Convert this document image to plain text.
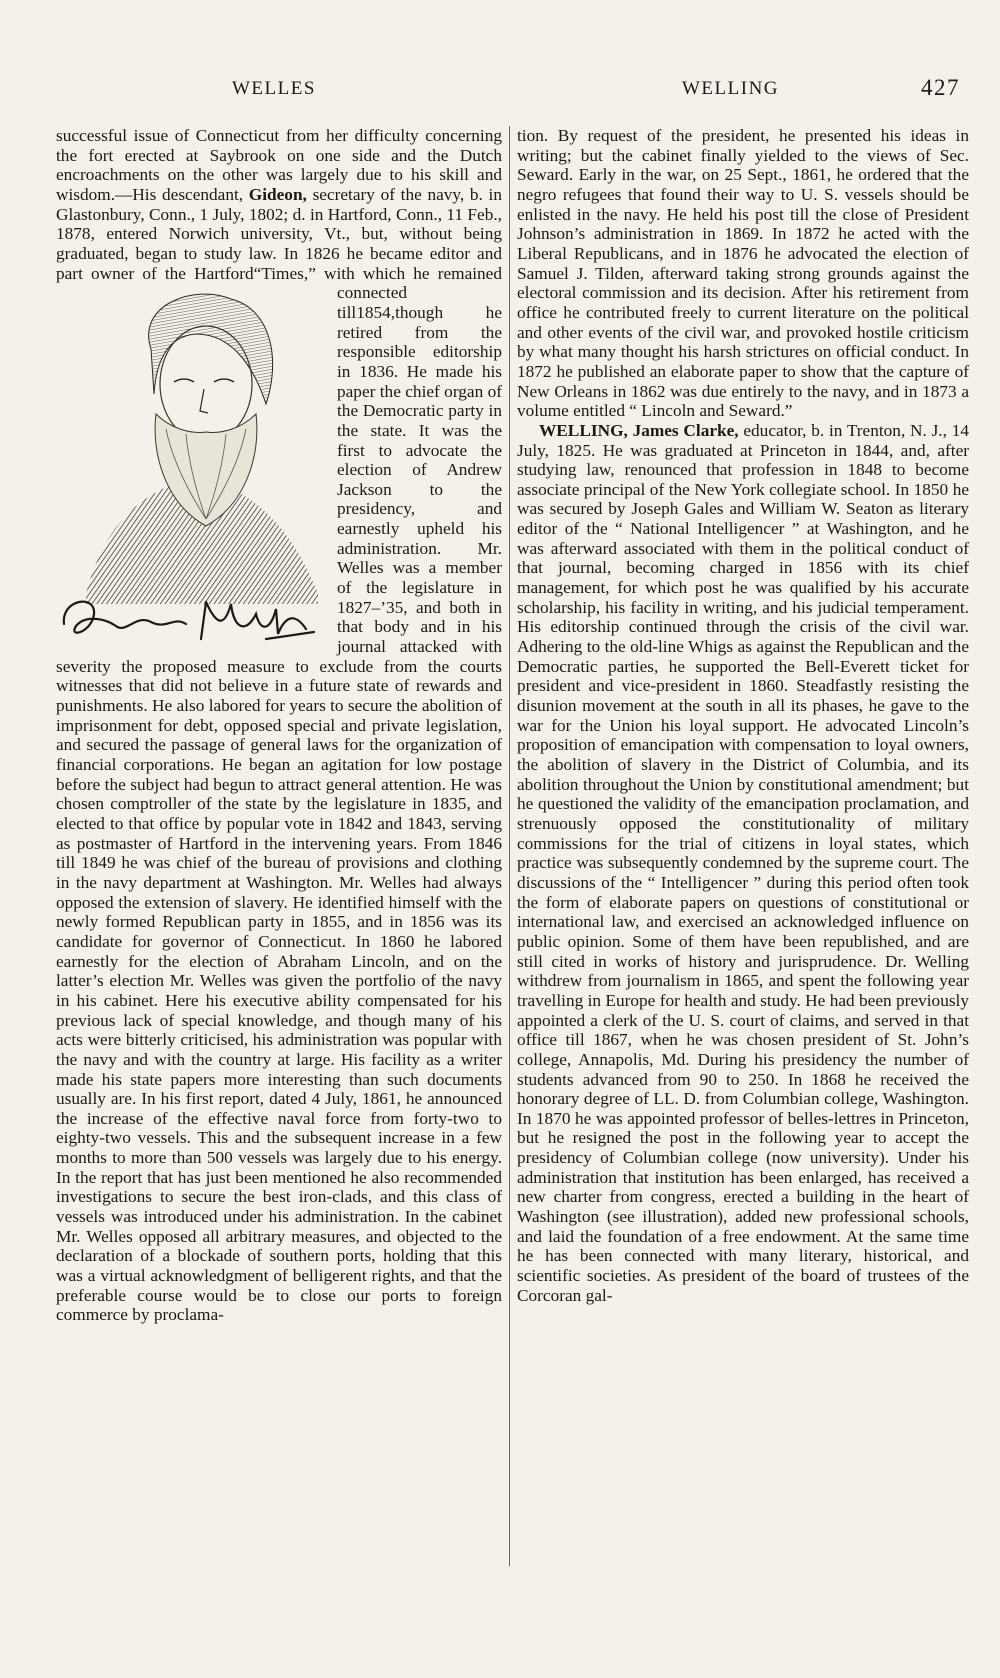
WELLES	WELLING	427

successful issue of Connecticut from her difficulty concerning the fort erected at Saybrook on one side and the Dutch encroachments on the other was largely due to his skill and wisdom.—His descendant, Gideon, secretary of the navy, b. in Glastonbury, Conn., 1 July, 1802; d. in Hartford, Conn., 11 Feb., 1878, entered Norwich university, Vt., but, without being graduated, began to study law. In 1826 he became editor and part owner of the
Hartford“Times,” with which he remained connected till1854,though he retired from the responsible editorship in 1836. He made his paper the chief organ of the Democratic party in the state. It was the first to advocate the election of Andrew Jackson to the presidency, and earnestly upheld his administration. Mr. Welles was a member of the legislature in 1827–’35, and both in that body and in his journal attacked with severity the proposed measure to exclude from the courts witnesses that did not believe in a future state of rewards and punishments. He also labored for years to secure the abolition of imprisonment for debt, opposed special and private legislation, and secured the passage of general laws for the organization of financial corporations. He began an agitation for low postage before the subject had begun to attract general attention. He was chosen comptroller of the state by the legislature in 1835, and elected to that office by popular vote in 1842 and 1843, serving as postmaster of Hartford in the intervening years. From 1846 till 1849 he was chief of the bureau of provisions and clothing in the navy department at Washington. Mr. Welles had always opposed the extension of slavery. He identified himself with the newly formed Republican party in 1855, and in 1856 was its candidate for governor of Connecticut. In 1860 he labored earnestly for the election of Abraham Lincoln, and on the latter’s election Mr. Welles was given the portfolio of the navy in his cabinet. Here his executive ability compensated for his previous lack of special knowledge, and though many of his acts were bitterly criticised, his administration was popular with the navy and with the country at large. His facility as a writer made his state papers more interesting than such documents usually are. In his first report, dated 4 July, 1861, he announced the increase of the effective naval force from forty-two to eighty-two vessels. This and the subsequent increase in a few months to more than 500 vessels was largely due to his energy. In the report that has just been mentioned he also recommended investigations to secure the best iron-clads, and this class of vessels was introduced under his administration. In the cabinet Mr. Welles opposed all arbitrary measures, and objected to the declaration of a blockade of southern ports, holding that this was a virtual acknowledgment of belligerent rights, and that the preferable course would be to close our ports to foreign commerce by proclama-

tion. By request of the president, he presented his ideas in writing; but the cabinet finally yielded to the views of Sec. Seward. Early in the war, on 25 Sept., 1861, he ordered that the negro refugees that found their way to U. S. vessels should be enlisted in the navy. He held his post till the close of President Johnson’s administration in 1869. In 1872 he acted with the Liberal Republicans, and in 1876 he advocated the election of Samuel J. Tilden, afterward taking strong grounds against the electoral commission and its decision. After his retirement from office he contributed freely to current literature on the political and other events of the civil war, and provoked hostile criticism by what many thought his harsh strictures on official conduct. In 1872 he published an elaborate paper to show that the capture of New Orleans in 1862 was due entirely to the navy, and in 1873 a volume entitled “ Lincoln and Seward.”

WELLING, James Clarke, educator, b. in Trenton, N. J., 14 July, 1825. He was graduated at Princeton in 1844, and, after studying law, renounced that profession in 1848 to become associate principal of the New York collegiate school. In 1850 he was secured by Joseph Gales and William W. Seaton as literary editor of the “ National Intelligencer ” at Washington, and he was afterward associated with them in the political conduct of that journal, becoming charged in 1856 with its chief management, for which post he was qualified by his accurate scholarship, his facility in writing, and his judicial temperament. His editorship continued through the crisis of the civil war. Adhering to the old-line Whigs as against the Republican and the Democratic parties, he supported the Bell-Everett ticket for president and vice-president in 1860. Steadfastly resisting the disunion movement at the south in all its phases, he gave to the war for the Union his loyal support. He advocated Lincoln’s proposition of emancipation with compensation to loyal owners, the abolition of slavery in the District of Columbia, and its abolition throughout the Union by constitutional amendment; but he questioned the validity of the emancipation proclamation, and strenuously opposed the constitutionality of military commissions for the trial of citizens in loyal states, which practice was subsequently condemned by the supreme court. The discussions of the “ Intelligencer ” during this period often took the form of elaborate papers on questions of constitutional or international law, and exercised an acknowledged influence on public opinion. Some of them have been republished, and are still cited in works of history and jurisprudence. Dr. Welling withdrew from journalism in 1865, and spent the following year travelling in Europe for health and study. He had been previously appointed a clerk of the U. S. court of claims, and served in that office till 1867, when he was chosen president of St. John’s college, Annapolis, Md. During his presidency the number of students advanced from 90 to 250. In 1868 he received the honorary degree of LL. D. from Columbian college, Washington. In 1870 he was appointed professor of belles-lettres in Princeton, but he resigned the post in the following year to accept the presidency of Columbian college (now university). Under his administration that institution has been enlarged, has received a new charter from congress, erected a building in the heart of Washington (see illustration), added new professional schools, and laid the foundation of a free endowment. At the same time he has been connected with many literary, historical, and scientific societies. As president of the board of trustees of the Corcoran gal-
